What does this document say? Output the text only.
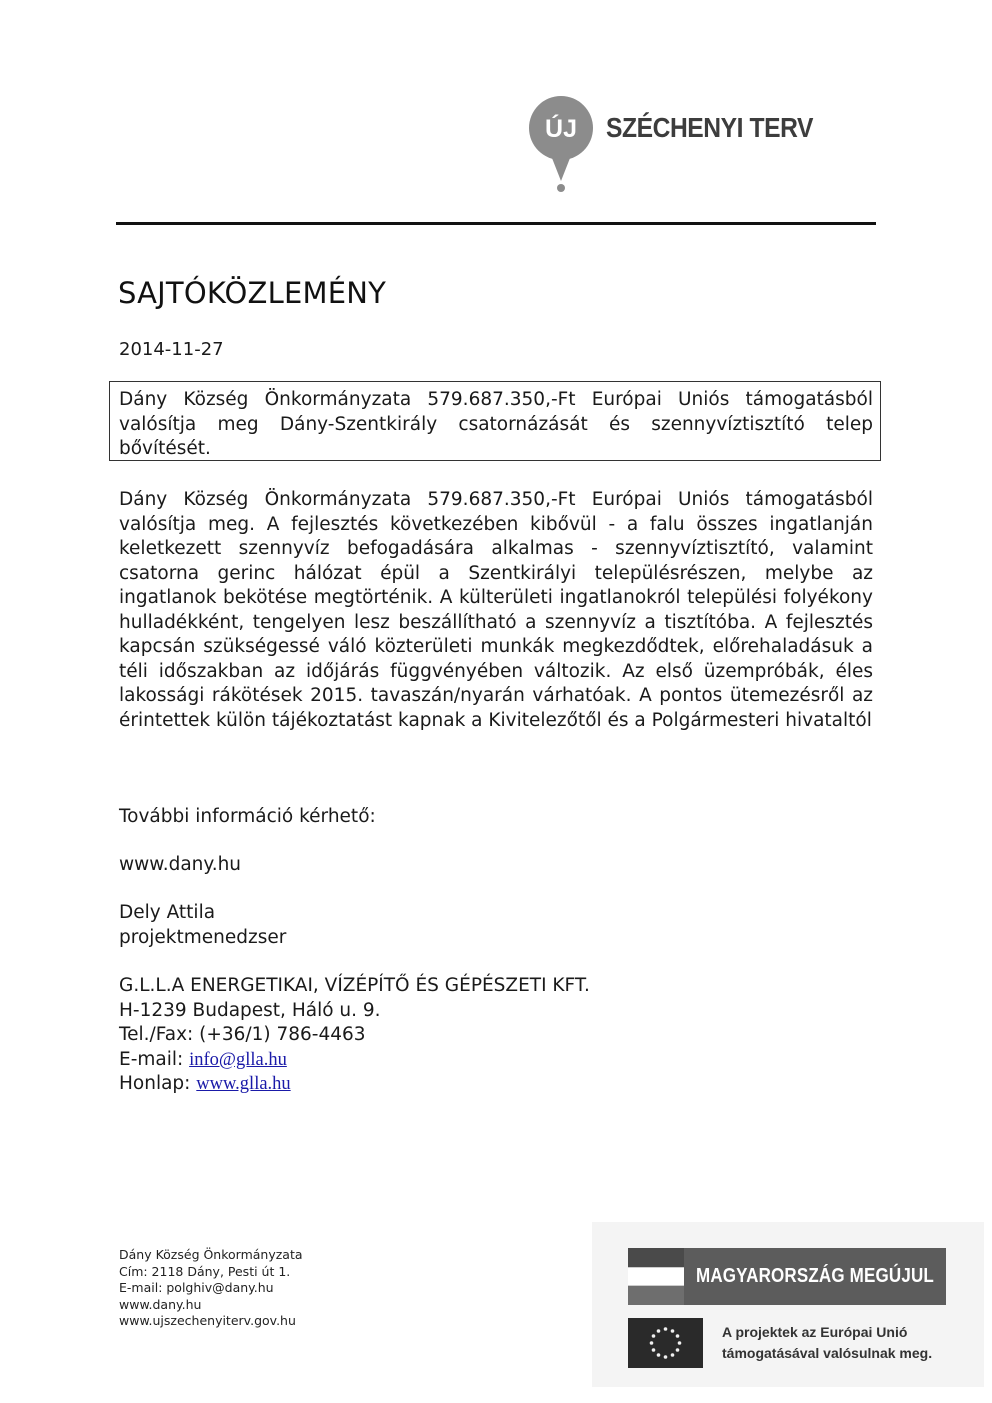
ÚJ SZÉCHENYI TERV
SAJTÓKÖZLEMÉNY
2014-11-27
Dány Község Önkormányzata 579.687.350,-Ft Európai Uniós támogatásból valósítja meg Dány-Szentkirály csatornázását és szennyvíztisztító telep bővítését.
Dány Község Önkormányzata 579.687.350,-Ft Európai Uniós támogatásból valósítja meg. A fejlesztés következében kibővül - a falu összes ingatlanján keletkezett szennyvíz befogadására alkalmas - szennyvíztisztító, valamint csatorna gerinc hálózat épül a Szentkirályi településrészen, melybe az ingatlanok bekötése megtörténik. A külterületi ingatlanokról települési folyékony hulladékként, tengelyen lesz beszállítható a szennyvíz a tisztítóba. A fejlesztés kapcsán szükségessé váló közterületi munkák megkezdődtek, előrehaladásuk a téli időszakban az időjárás függvényében változik. Az első üzempróbák, éles lakossági rákötések 2015. tavaszán/nyarán várhatóak. A pontos ütemezésről az érintettek külön tájékoztatást kapnak a Kivitelezőtől és a Polgármesteri hivataltól
További információ kérhető:
www.dany.hu
Dely Attila
projektmenedzser
G.L.L.A ENERGETIKAI, VÍZÉPÍTŐ ÉS GÉPÉSZETI KFT.
H-1239 Budapest, Háló u. 9.
Tel./Fax: (+36/1) 786-4463
E-mail: info@glla.hu
Honlap: www.glla.hu
Dány Község Önkormányzata
Cím: 2118 Dány, Pesti út 1.
E-mail: polghiv@dany.hu
www.dany.hu
www.ujszechenyiterv.gov.hu
MAGYARORSZÁG MEGÚJUL
A projektek az Európai Unió
támogatásával valósulnak meg.
